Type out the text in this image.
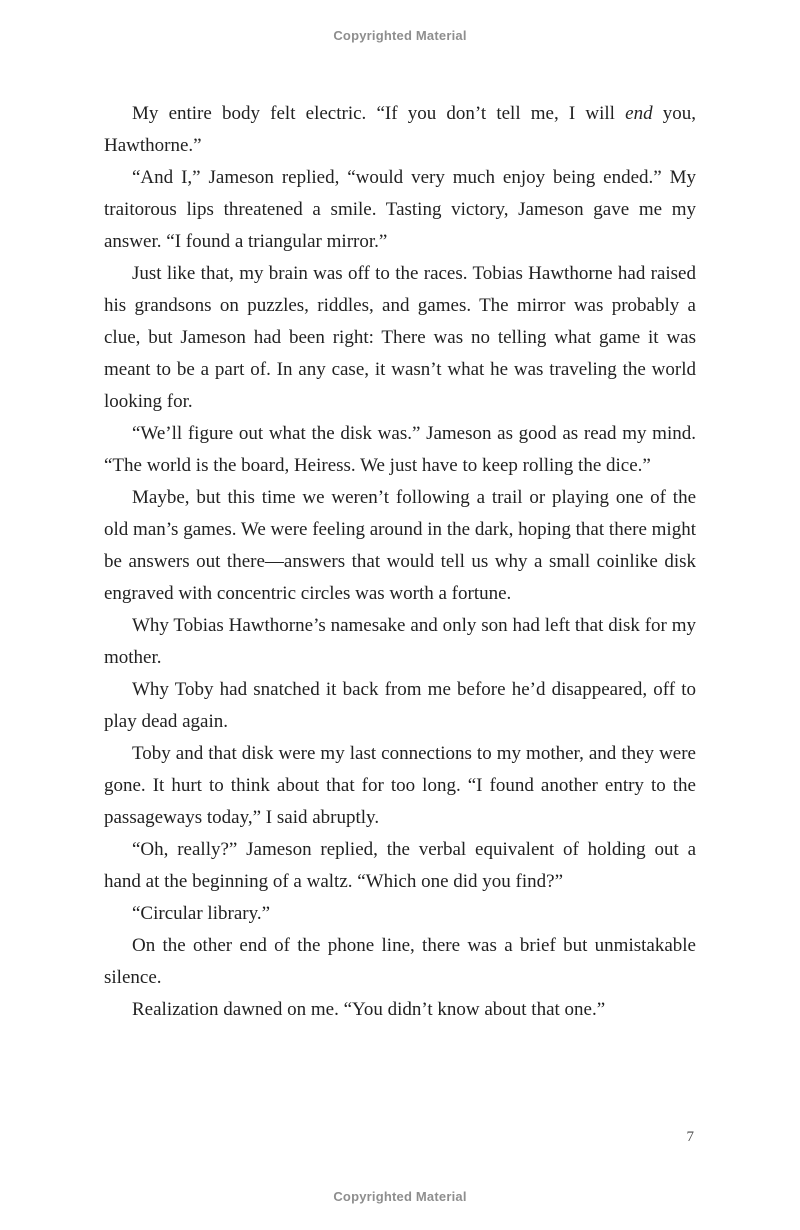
Copyrighted Material

My entire body felt electric. “If you don’t tell me, I will end you, Hawthorne.”

“And I,” Jameson replied, “would very much enjoy being ended.” My traitorous lips threatened a smile. Tasting victory, Jameson gave me my answer. “I found a triangular mirror.”

Just like that, my brain was off to the races. Tobias Hawthorne had raised his grandsons on puzzles, riddles, and games. The mirror was probably a clue, but Jameson had been right: There was no telling what game it was meant to be a part of. In any case, it wasn’t what he was traveling the world looking for.

“We’ll figure out what the disk was.” Jameson as good as read my mind. “The world is the board, Heiress. We just have to keep rolling the dice.”

Maybe, but this time we weren’t following a trail or playing one of the old man’s games. We were feeling around in the dark, hoping that there might be answers out there—answers that would tell us why a small coinlike disk engraved with concentric circles was worth a fortune.

Why Tobias Hawthorne’s namesake and only son had left that disk for my mother.

Why Toby had snatched it back from me before he’d disappeared, off to play dead again.

Toby and that disk were my last connections to my mother, and they were gone. It hurt to think about that for too long. “I found another entry to the passageways today,” I said abruptly.

“Oh, really?” Jameson replied, the verbal equivalent of holding out a hand at the beginning of a waltz. “Which one did you find?”

“Circular library.”

On the other end of the phone line, there was a brief but unmistakable silence.

Realization dawned on me. “You didn’t know about that one.”

7
Copyrighted Material
